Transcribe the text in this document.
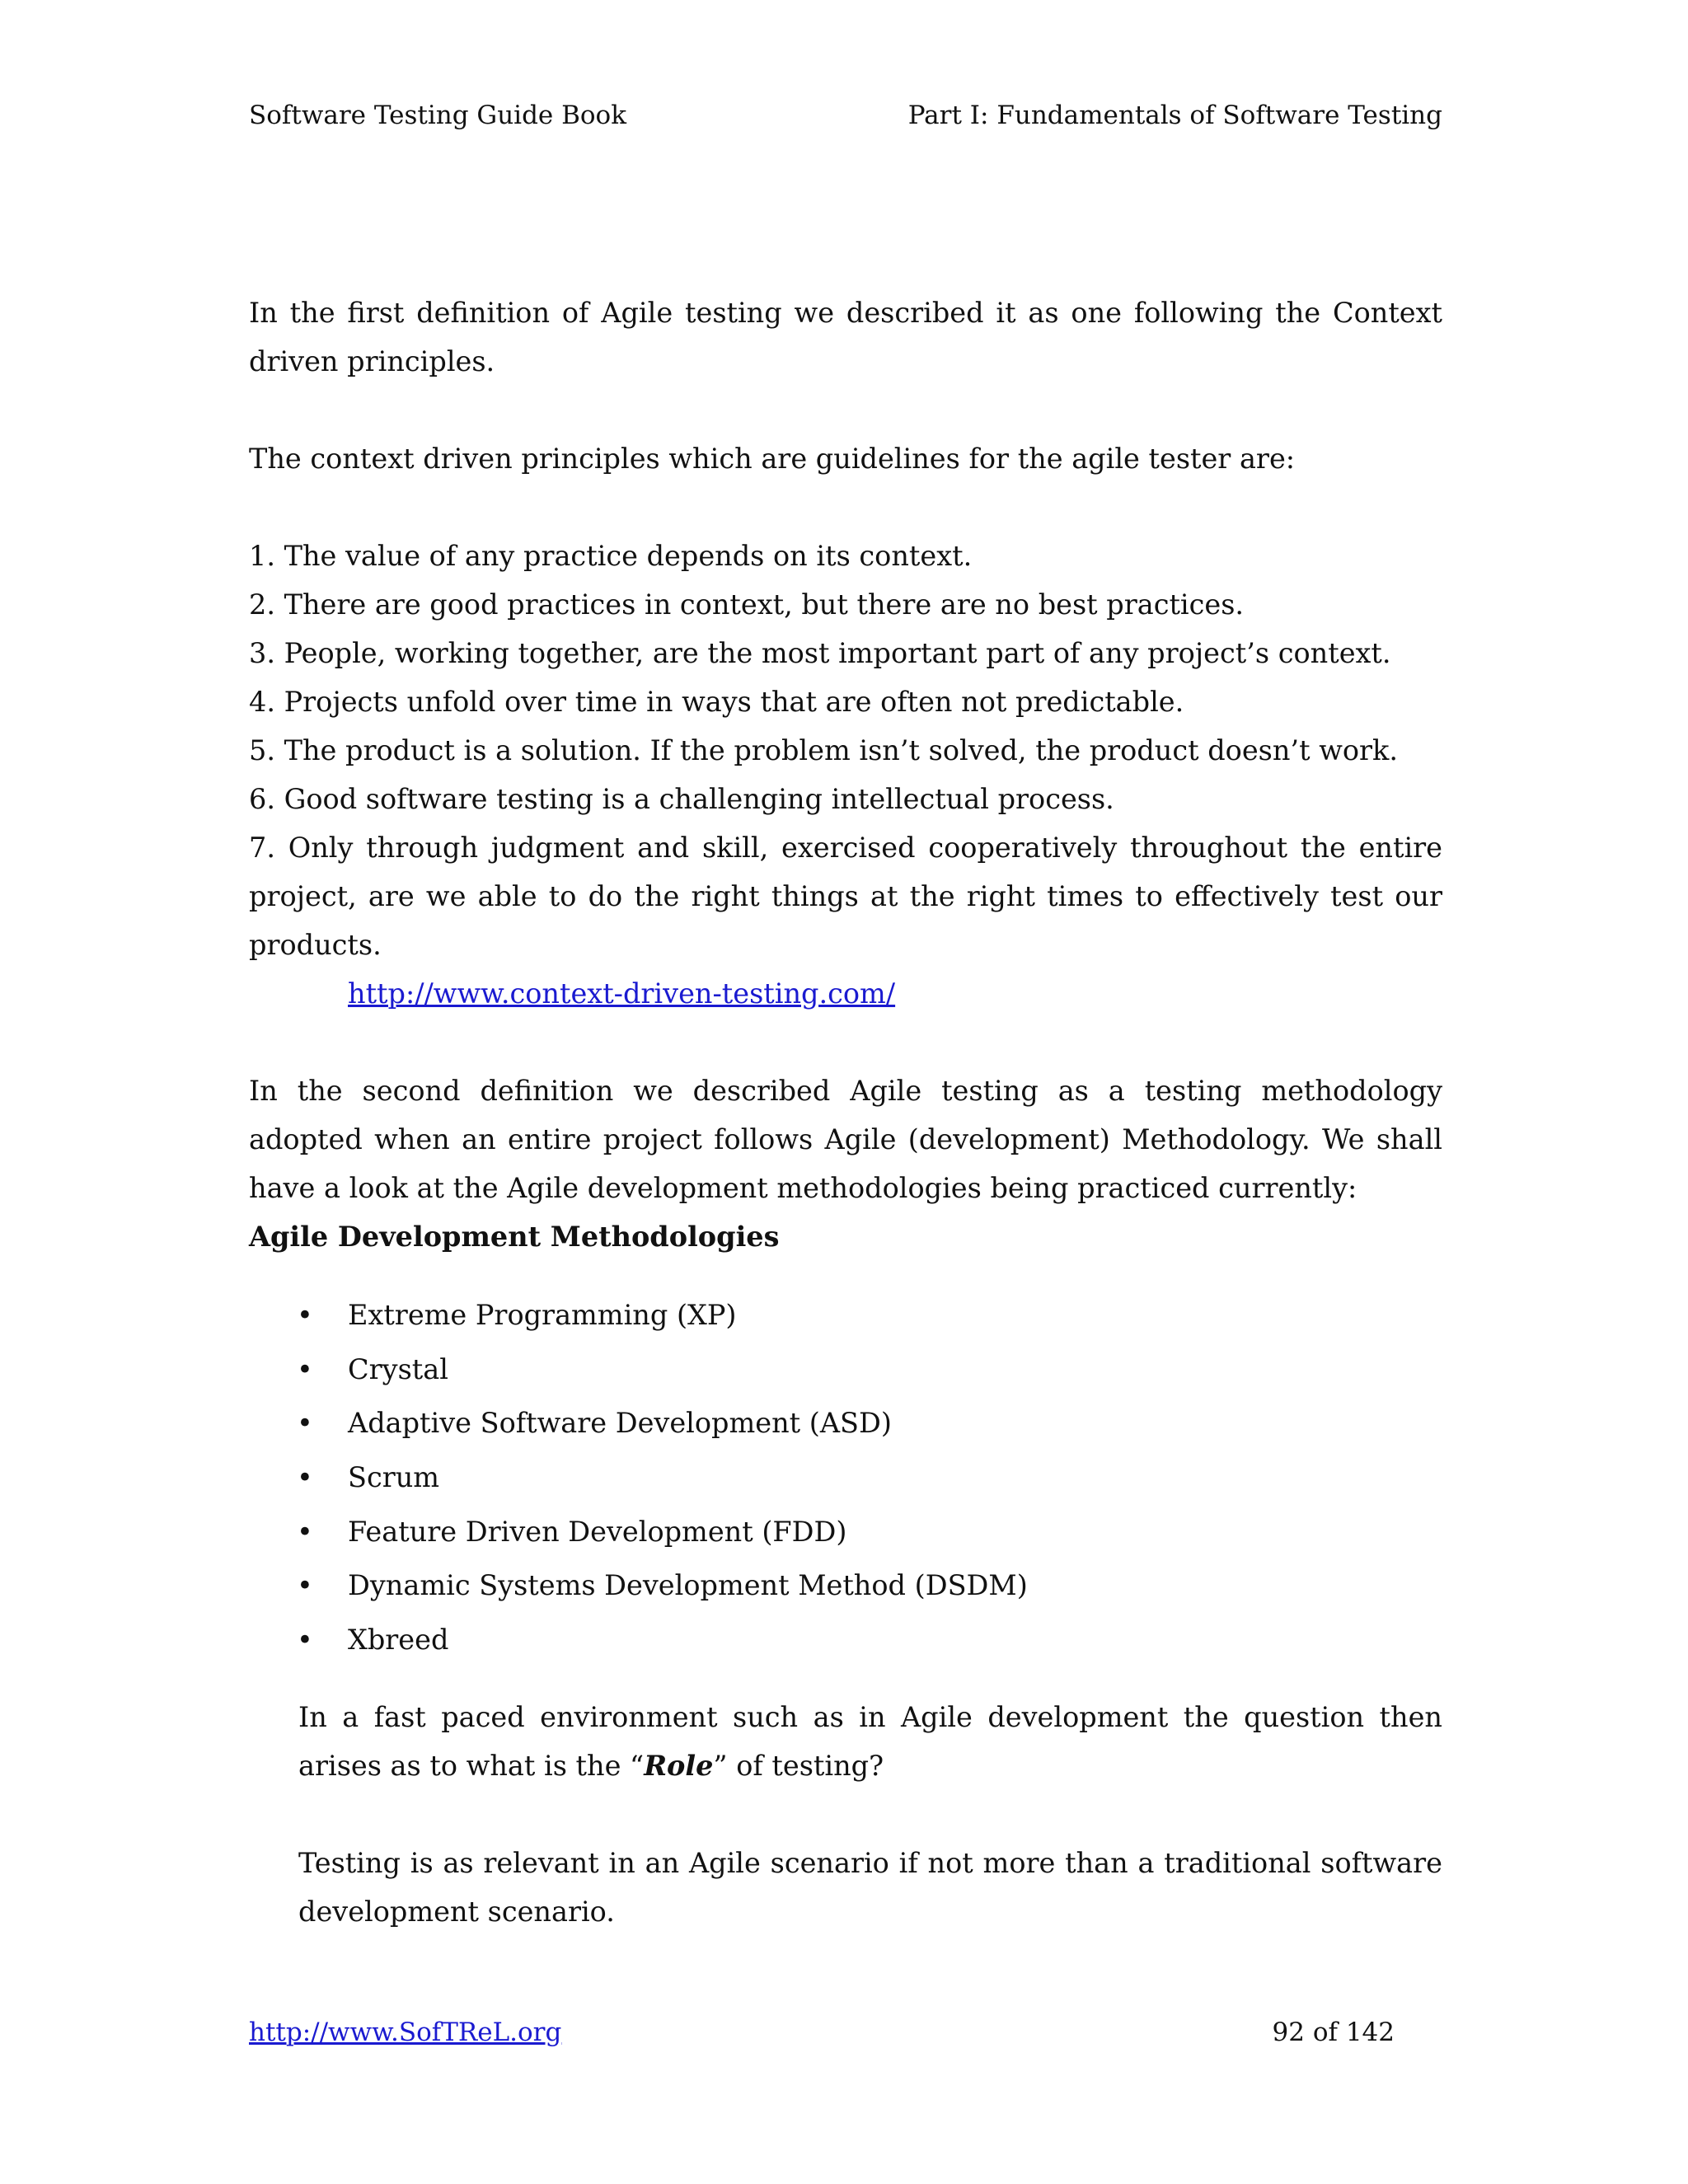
Software Testing Guide Book	Part I: Fundamentals of Software Testing

In the first definition of Agile testing we described it as one following the Context driven principles.

The context driven principles which are guidelines for the agile tester are:

1. The value of any practice depends on its context.

2. There are good practices in context, but there are no best practices.

3. People, working together, are the most important part of any project’s context.

4. Projects unfold over time in ways that are often not predictable.

5. The product is a solution. If the problem isn’t solved, the product doesn’t work.

6. Good software testing is a challenging intellectual process.

7. Only through judgment and skill, exercised cooperatively throughout the entire project, are we able to do the right things at the right times to effectively test our products.

http://www.context-driven-testing.com/

In the second definition we described Agile testing as a testing methodology adopted when an entire project follows Agile (development) Methodology. We shall have a look at the Agile development methodologies being practiced currently:

Agile Development Methodologies

• Extreme Programming (XP)
• Crystal
• Adaptive Software Development (ASD)
• Scrum
• Feature Driven Development (FDD)
• Dynamic Systems Development Method (DSDM)
• Xbreed

In a fast paced environment such as in Agile development the question then arises as to what is the “Role” of testing?

Testing is as relevant in an Agile scenario if not more than a traditional software development scenario.

http://www.SofTReL.org	92 of 142
